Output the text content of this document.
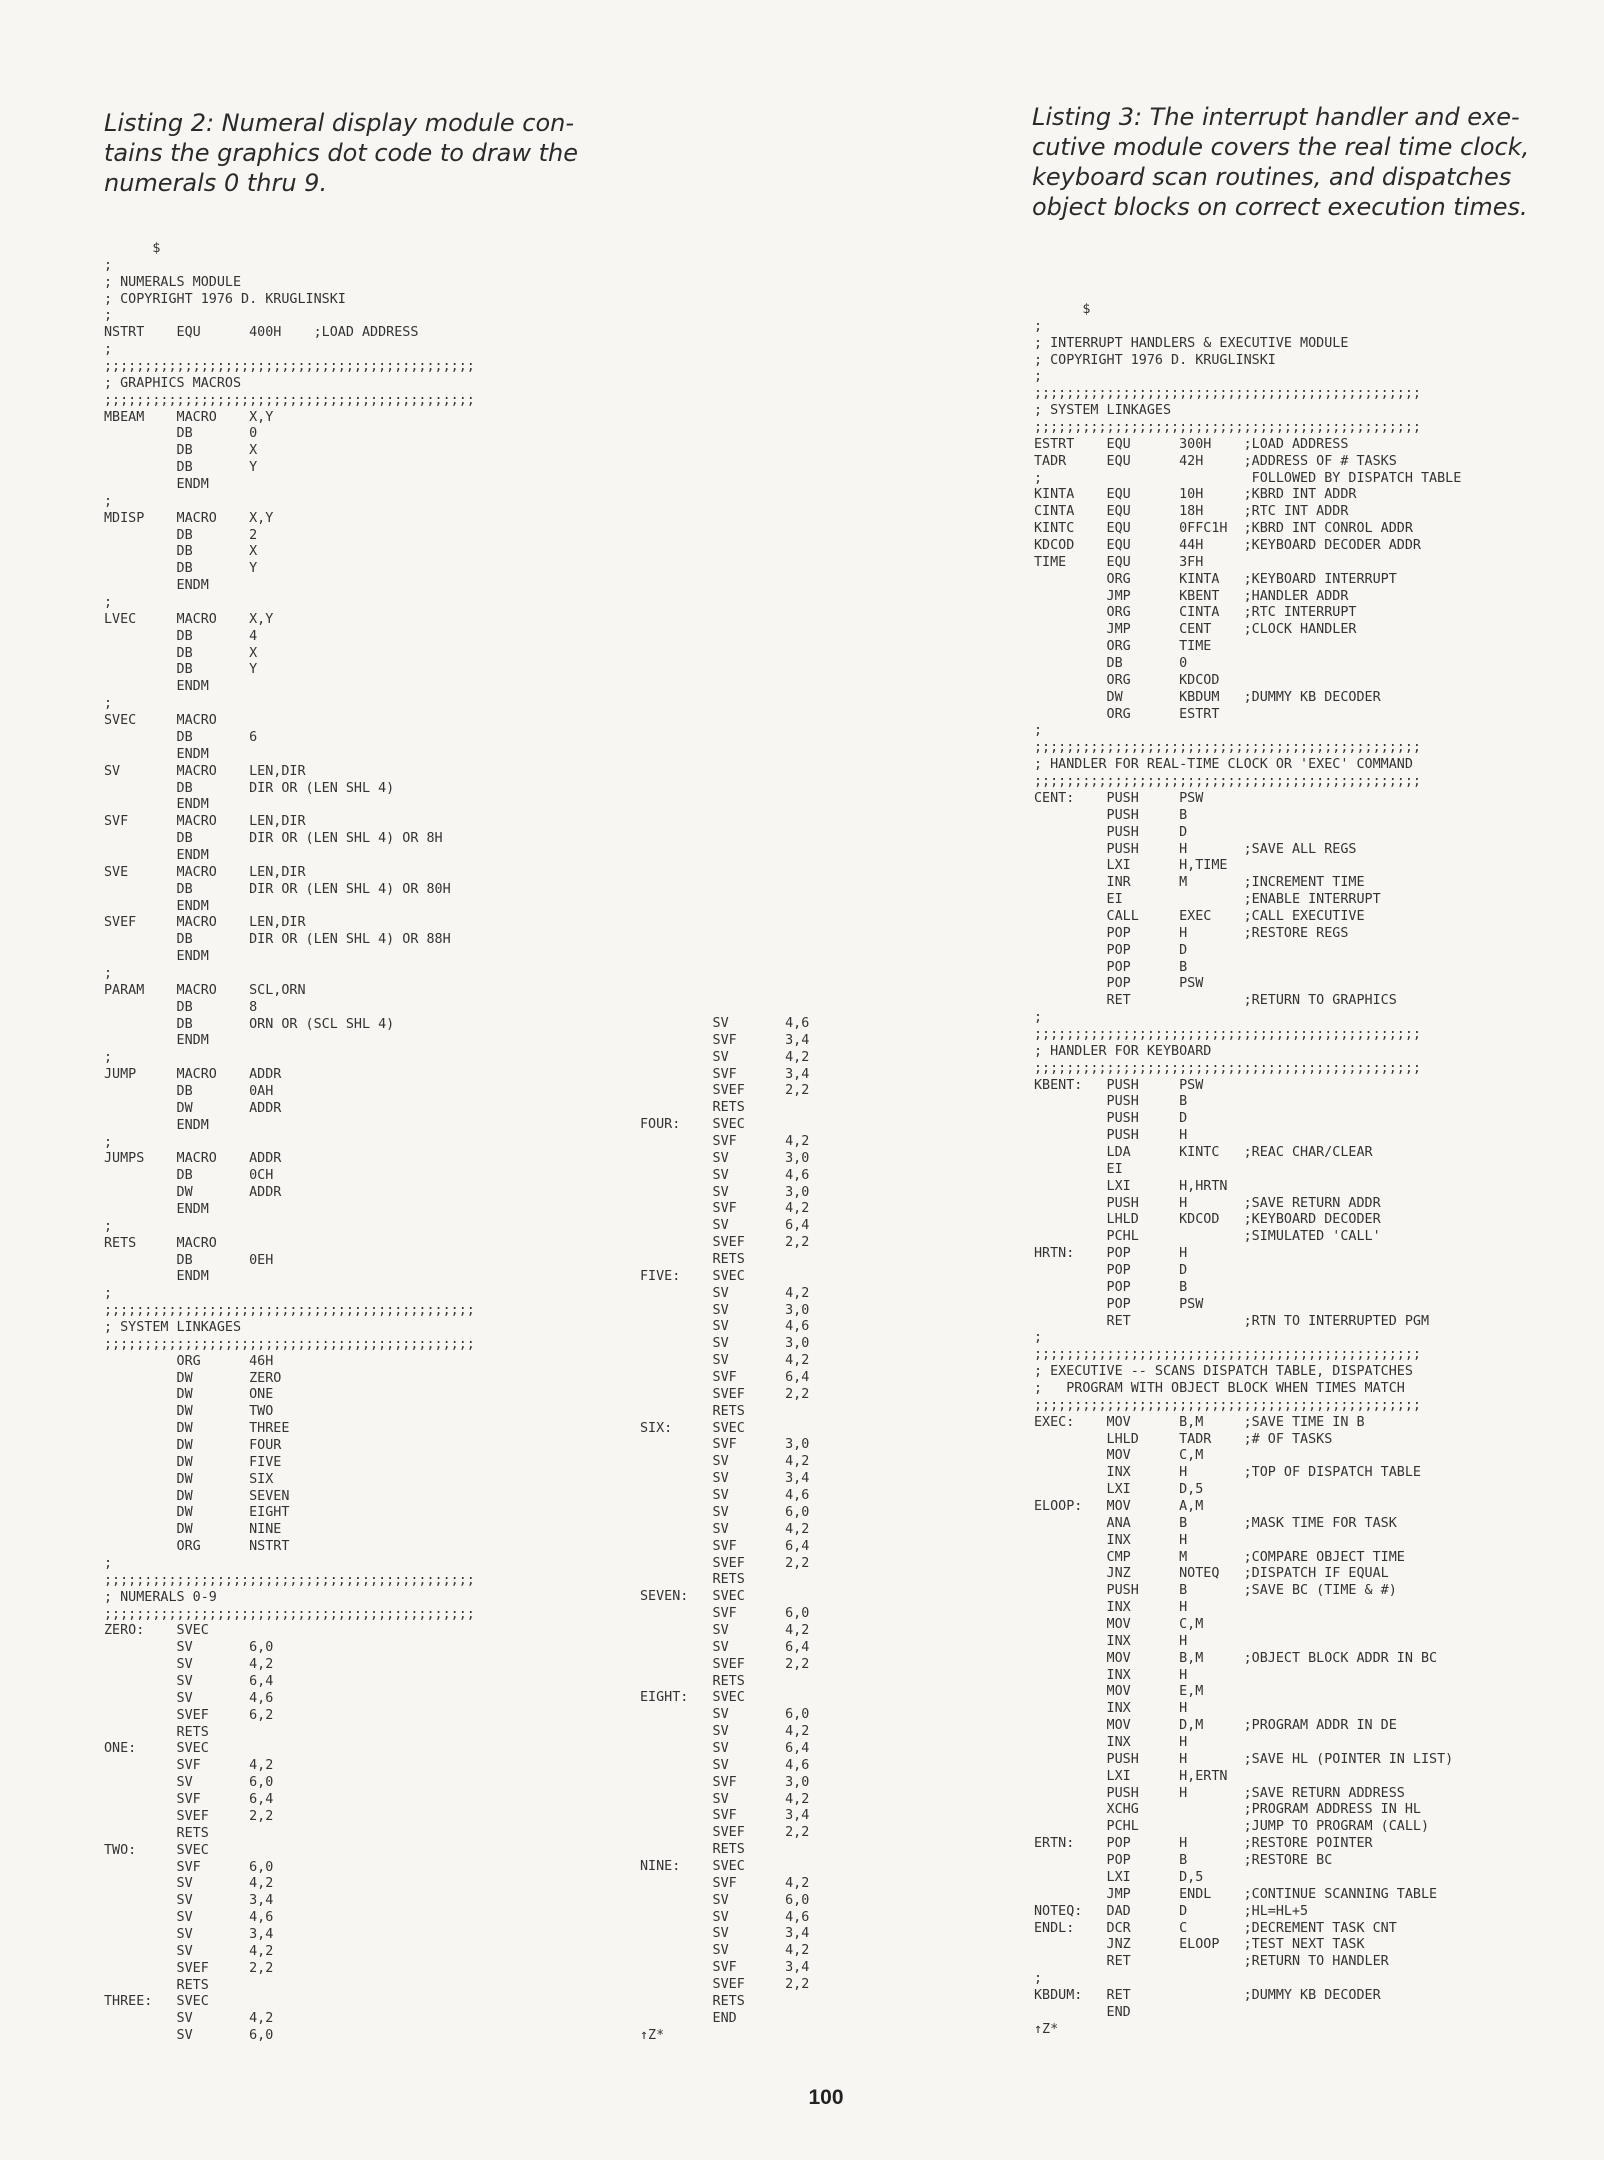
Listing 2: Numeral display module con-
tains the graphics dot code to draw the
numerals 0 thru 9.
Listing 3: The interrupt handler and exe-
cutive module covers the real time clock,
keyboard scan routines, and dispatches
object blocks on correct execution times.
$
;
; NUMERALS MODULE
; COPYRIGHT 1976 D. KRUGLINSKI
;
NSTRT    EQU      400H    ;LOAD ADDRESS
;
;;;;;;;;;;;;;;;;;;;;;;;;;;;;;;;;;;;;;;;;;;;;;;
; GRAPHICS MACROS
;;;;;;;;;;;;;;;;;;;;;;;;;;;;;;;;;;;;;;;;;;;;;;
MBEAM    MACRO    X,Y
DB       0
DB       X
DB       Y
ENDM
;
MDISP    MACRO    X,Y
DB       2
DB       X
DB       Y
ENDM
;
LVEC     MACRO    X,Y
DB       4
DB       X
DB       Y
ENDM
;
SVEC     MACRO
DB       6
ENDM
SV       MACRO    LEN,DIR
DB       DIR OR (LEN SHL 4)
ENDM
SVF      MACRO    LEN,DIR
DB       DIR OR (LEN SHL 4) OR 8H
ENDM
SVE      MACRO    LEN,DIR
DB       DIR OR (LEN SHL 4) OR 80H
ENDM
SVEF     MACRO    LEN,DIR
DB       DIR OR (LEN SHL 4) OR 88H
ENDM
;
PARAM    MACRO    SCL,ORN
DB       8
DB       ORN OR (SCL SHL 4)
ENDM
;
JUMP     MACRO    ADDR
DB       0AH
DW       ADDR
ENDM
;
JUMPS    MACRO    ADDR
DB       0CH
DW       ADDR
ENDM
;
RETS     MACRO
DB       0EH
ENDM
;
;;;;;;;;;;;;;;;;;;;;;;;;;;;;;;;;;;;;;;;;;;;;;;
; SYSTEM LINKAGES
;;;;;;;;;;;;;;;;;;;;;;;;;;;;;;;;;;;;;;;;;;;;;;
ORG      46H
DW       ZERO
DW       ONE
DW       TWO
DW       THREE
DW       FOUR
DW       FIVE
DW       SIX
DW       SEVEN
DW       EIGHT
DW       NINE
ORG      NSTRT
;
;;;;;;;;;;;;;;;;;;;;;;;;;;;;;;;;;;;;;;;;;;;;;;
; NUMERALS 0-9
;;;;;;;;;;;;;;;;;;;;;;;;;;;;;;;;;;;;;;;;;;;;;;
ZERO:    SVEC
SV       6,0
SV       4,2
SV       6,4
SV       4,6
SVEF     6,2
RETS
ONE:     SVEC
SVF      4,2
SV       6,0
SVF      6,4
SVEF     2,2
RETS
TWO:     SVEC
SVF      6,0
SV       4,2
SV       3,4
SV       4,6
SV       3,4
SV       4,2
SVEF     2,2
RETS
THREE:   SVEC
SV       4,2
SV       6,0
SV       4,6
SVF      3,4
SV       4,2
SVF      3,4
SVEF     2,2
RETS
FOUR:    SVEC
SVF      4,2
SV       3,0
SV       4,6
SV       3,0
SVF      4,2
SV       6,4
SVEF     2,2
RETS
FIVE:    SVEC
SV       4,2
SV       3,0
SV       4,6
SV       3,0
SV       4,2
SVF      6,4
SVEF     2,2
RETS
SIX:     SVEC
SVF      3,0
SV       4,2
SV       3,4
SV       4,6
SV       6,0
SV       4,2
SVF      6,4
SVEF     2,2
RETS
SEVEN:   SVEC
SVF      6,0
SV       4,2
SV       6,4
SVEF     2,2
RETS
EIGHT:   SVEC
SV       6,0
SV       4,2
SV       6,4
SV       4,6
SVF      3,0
SV       4,2
SVF      3,4
SVEF     2,2
RETS
NINE:    SVEC
SVF      4,2
SV       6,0
SV       4,6
SV       3,4
SV       4,2
SVF      3,4
SVEF     2,2
RETS
END
↑Z*
$
;
; INTERRUPT HANDLERS & EXECUTIVE MODULE
; COPYRIGHT 1976 D. KRUGLINSKI
;
;;;;;;;;;;;;;;;;;;;;;;;;;;;;;;;;;;;;;;;;;;;;;;;;
; SYSTEM LINKAGES
;;;;;;;;;;;;;;;;;;;;;;;;;;;;;;;;;;;;;;;;;;;;;;;;
ESTRT    EQU      300H    ;LOAD ADDRESS
TADR     EQU      42H     ;ADDRESS OF # TASKS
;                          FOLLOWED BY DISPATCH TABLE
KINTA    EQU      10H     ;KBRD INT ADDR
CINTA    EQU      18H     ;RTC INT ADDR
KINTC    EQU      0FFC1H  ;KBRD INT CONROL ADDR
KDCOD    EQU      44H     ;KEYBOARD DECODER ADDR
TIME     EQU      3FH
ORG      KINTA   ;KEYBOARD INTERRUPT
JMP      KBENT   ;HANDLER ADDR
ORG      CINTA   ;RTC INTERRUPT
JMP      CENT    ;CLOCK HANDLER
ORG      TIME
DB       0
ORG      KDCOD
DW       KBDUM   ;DUMMY KB DECODER
ORG      ESTRT
;
;;;;;;;;;;;;;;;;;;;;;;;;;;;;;;;;;;;;;;;;;;;;;;;;
; HANDLER FOR REAL-TIME CLOCK OR 'EXEC' COMMAND
;;;;;;;;;;;;;;;;;;;;;;;;;;;;;;;;;;;;;;;;;;;;;;;;
CENT:    PUSH     PSW
PUSH     B
PUSH     D
PUSH     H       ;SAVE ALL REGS
LXI      H,TIME
INR      M       ;INCREMENT TIME
EI               ;ENABLE INTERRUPT
CALL     EXEC    ;CALL EXECUTIVE
POP      H       ;RESTORE REGS
POP      D
POP      B
POP      PSW
RET              ;RETURN TO GRAPHICS
;
;;;;;;;;;;;;;;;;;;;;;;;;;;;;;;;;;;;;;;;;;;;;;;;;
; HANDLER FOR KEYBOARD
;;;;;;;;;;;;;;;;;;;;;;;;;;;;;;;;;;;;;;;;;;;;;;;;
KBENT:   PUSH     PSW
PUSH     B
PUSH     D
PUSH     H
LDA      KINTC   ;REAC CHAR/CLEAR
EI
LXI      H,HRTN
PUSH     H       ;SAVE RETURN ADDR
LHLD     KDCOD   ;KEYBOARD DECODER
PCHL             ;SIMULATED 'CALL'
HRTN:    POP      H
POP      D
POP      B
POP      PSW
RET              ;RTN TO INTERRUPTED PGM
;
;;;;;;;;;;;;;;;;;;;;;;;;;;;;;;;;;;;;;;;;;;;;;;;;
; EXECUTIVE -- SCANS DISPATCH TABLE, DISPATCHES
;   PROGRAM WITH OBJECT BLOCK WHEN TIMES MATCH
;;;;;;;;;;;;;;;;;;;;;;;;;;;;;;;;;;;;;;;;;;;;;;;;
EXEC:    MOV      B,M     ;SAVE TIME IN B
LHLD     TADR    ;# OF TASKS
MOV      C,M
INX      H       ;TOP OF DISPATCH TABLE
LXI      D,5
ELOOP:   MOV      A,M
ANA      B       ;MASK TIME FOR TASK
INX      H
CMP      M       ;COMPARE OBJECT TIME
JNZ      NOTEQ   ;DISPATCH IF EQUAL
PUSH     B       ;SAVE BC (TIME & #)
INX      H
MOV      C,M
INX      H
MOV      B,M     ;OBJECT BLOCK ADDR IN BC
INX      H
MOV      E,M
INX      H
MOV      D,M     ;PROGRAM ADDR IN DE
INX      H
PUSH     H       ;SAVE HL (POINTER IN LIST)
LXI      H,ERTN
PUSH     H       ;SAVE RETURN ADDRESS
XCHG             ;PROGRAM ADDRESS IN HL
PCHL             ;JUMP TO PROGRAM (CALL)
ERTN:    POP      H       ;RESTORE POINTER
POP      B       ;RESTORE BC
LXI      D,5
JMP      ENDL    ;CONTINUE SCANNING TABLE
NOTEQ:   DAD      D       ;HL=HL+5
ENDL:    DCR      C       ;DECREMENT TASK CNT
JNZ      ELOOP   ;TEST NEXT TASK
RET              ;RETURN TO HANDLER
;
KBDUM:   RET              ;DUMMY KB DECODER
END
↑Z*
100
